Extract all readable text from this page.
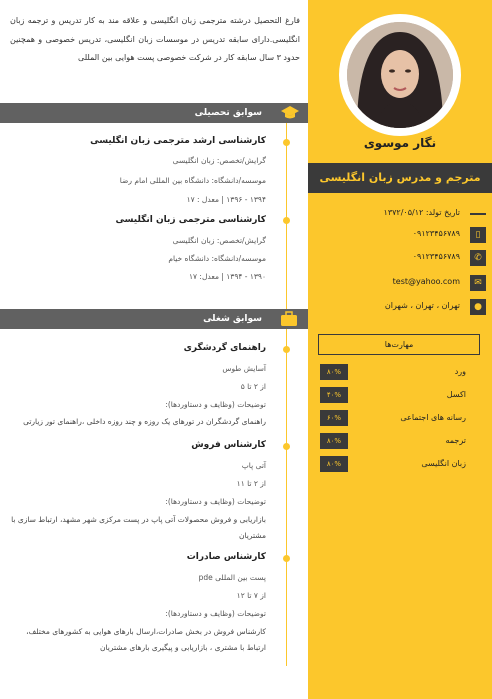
نگار موسوی
مترجم و مدرس زبان انگلیسی
تاریخ تولد: ۱۳۷۲/۰۵/۱۲
▯
۰۹۱۲۳۴۵۶۷۸۹
✆
۰۹۱۲۳۴۵۶۷۸۹
✉
test@yahoo.com
●
تهران ، تهران ، شهران
مهارت‌ها
ورد
۸۰%
اکسل
۴۰%
رسانه های اجتماعی
۶۰%
ترجمه
۸۰%
زبان انگلیسی
۸۰%
فارغ التحصیل درشته مترجمی زبان انگلیسی و علاقه مند به کار تدریس و ترجمه زبان انگلیسی.دارای سابقه تدریس در موسسات زبان انگلیسی، تدریس خصوصی و همچنین حدود ۳ سال سابقه کار در شرکت خصوصی پست هوایی بین المللی
سوابق تحصیلی
کارشناسی ارشد مترجمی زبان انگلیسی
گرایش/تخصص: زبان انگلیسی
موسسه/دانشگاه: دانشگاه بین المللی امام رضا
۱۳۹۴ - ۱۳۹۶ | معدل : ۱۷
کارشناسی مترجمی زبان انگلیسی
گرایش/تخصص: زبان انگلیسی
موسسه/دانشگاه: دانشگاه خیام
۱۳۹۰ - ۱۳۹۴ | معدل: ۱۷
سوابق شغلی
راهنمای گردشگری
آسایش طوس
از ۲ تا ۵
توضیحات (وظایف و دستاوردها):
راهنمای گردشگران در تورهای یک روزه و چند روزه داخلی ،راهنمای تور زیارتی
کارشناس فروش
آتی پاپ
از ۲ تا ۱۱
توضیحات (وظایف و دستاوردها):
بازاریابی و فروش محصولات آتی پاپ در پست مرکزی شهر مشهد، ارتباط سازی با مشتریان
کارشناس صادرات
پست بین المللی pde
از ۷ تا ۱۲
توضیحات (وظایف و دستاوردها):
کارشناس فروش در بخش صادرات،ارسال بارهای هوایی به کشورهای مختلف، ارتباط با مشتری ، بازاریابی و پیگیری بارهای مشتریان
